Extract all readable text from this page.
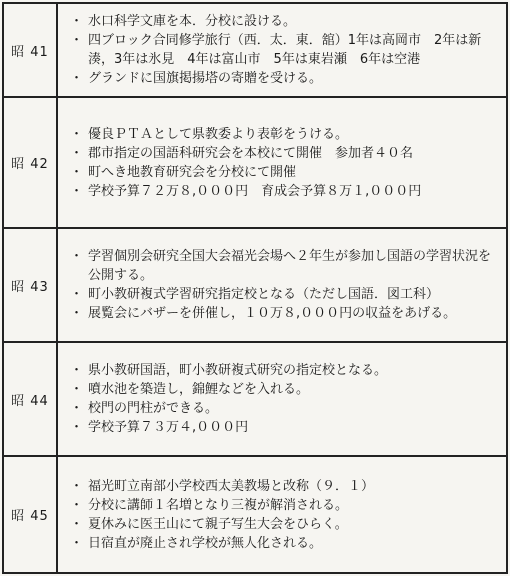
昭 41	・ 水口科学文庫を本．分校に設ける。
・ 四ブロック合同修学旅行（西．太．東．舘）1年は高岡市　2年は新湊，3年は氷見　4年は富山市　5年は東岩瀬　6年は空港
・ グランドに国旗掲揚塔の寄贈を受ける。

昭 42	・ 優良ＰＴＡとして県教委より表彰をうける。
・ 郡市指定の国語科研究会を本校にて開催　参加者４０名
・ 町へき地教育研究会を分校にて開催
・ 学校予算７２万８,０００円　育成会予算８万１,０００円

昭 43	・ 学習個別会研究全国大会福光会場へ２年生が参加し国語の学習状況を公開する。
・ 町小教研複式学習研究指定校となる（ただし国語．図工科）
・ 展覧会にバザーを併催し，１０万８,０００円の収益をあげる。

昭 44	・ 県小教研国語，町小教研複式研究の指定校となる。
・ 噴水池を築造し，錦鯉などを入れる。
・ 校門の門柱ができる。
・ 学校予算７３万４,０００円

昭 45	・ 福光町立南部小学校西太美教場と改称（９．１）
・ 分校に講師１名増となり三複が解消される。
・ 夏休みに医王山にて親子写生大会をひらく。
・ 日宿直が廃止され学校が無人化される。
